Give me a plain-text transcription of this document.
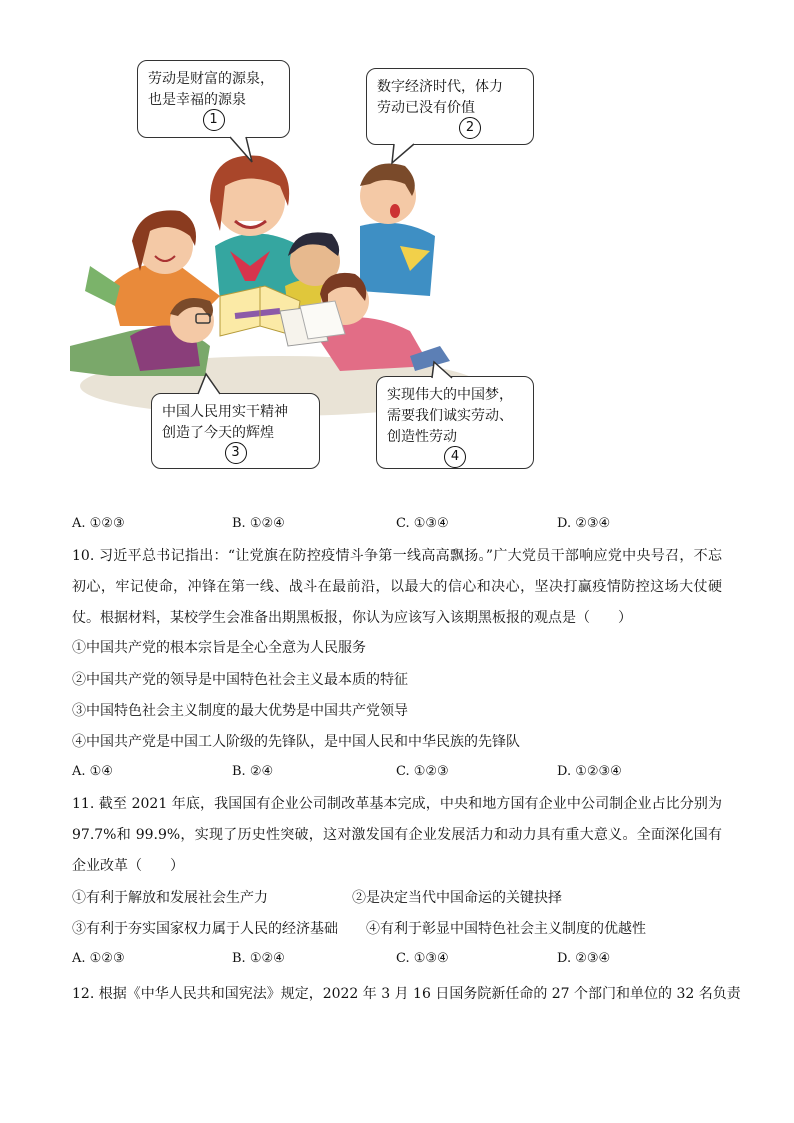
劳动是财富的源泉，
也是幸福的源泉
1
数字经济时代，体力
劳动已没有价值
2
中国人民用实干精神
创造了今天的辉煌
3
实现伟大的中国梦，
需要我们诚实劳动、
创造性劳动
4
A. ①②③	B. ①②④	C. ①③④	D. ②③④
10. 习近平总书记指出：“让党旗在防控疫情斗争第一线高高飘扬。”广大党员干部响应党中央号召，不忘初心，牢记使命，冲锋在第一线、战斗在最前沿，以最大的信心和决心，坚决打赢疫情防控这场大仗硬仗。根据材料，某校学生会准备出期黑板报，你认为应该写入该期黑板报的观点是（　　）
①中国共产党的根本宗旨是全心全意为人民服务
②中国共产党的领导是中国特色社会主义最本质的特征
③中国特色社会主义制度的最大优势是中国共产党领导
④中国共产党是中国工人阶级的先锋队，是中国人民和中华民族的先锋队
A. ①④	B. ②④	C. ①②③	D. ①②③④
11. 截至 2021 年底，我国国有企业公司制改革基本完成，中央和地方国有企业中公司制企业占比分别为 97.7%和 99.9%，实现了历史性突破，这对激发国有企业发展活力和动力具有重大意义。全面深化国有企业改革（　　）
①有利于解放和发展社会生产力	②是决定当代中国命运的关键抉择
③有利于夯实国家权力属于人民的经济基础 ④有利于彰显中国特色社会主义制度的优越性
A. ①②③	B. ①②④	C. ①③④	D. ②③④
12. 根据《中华人民共和国宪法》规定，2022 年 3 月 16 日国务院新任命的 27 个部门和单位的 32 名负责
